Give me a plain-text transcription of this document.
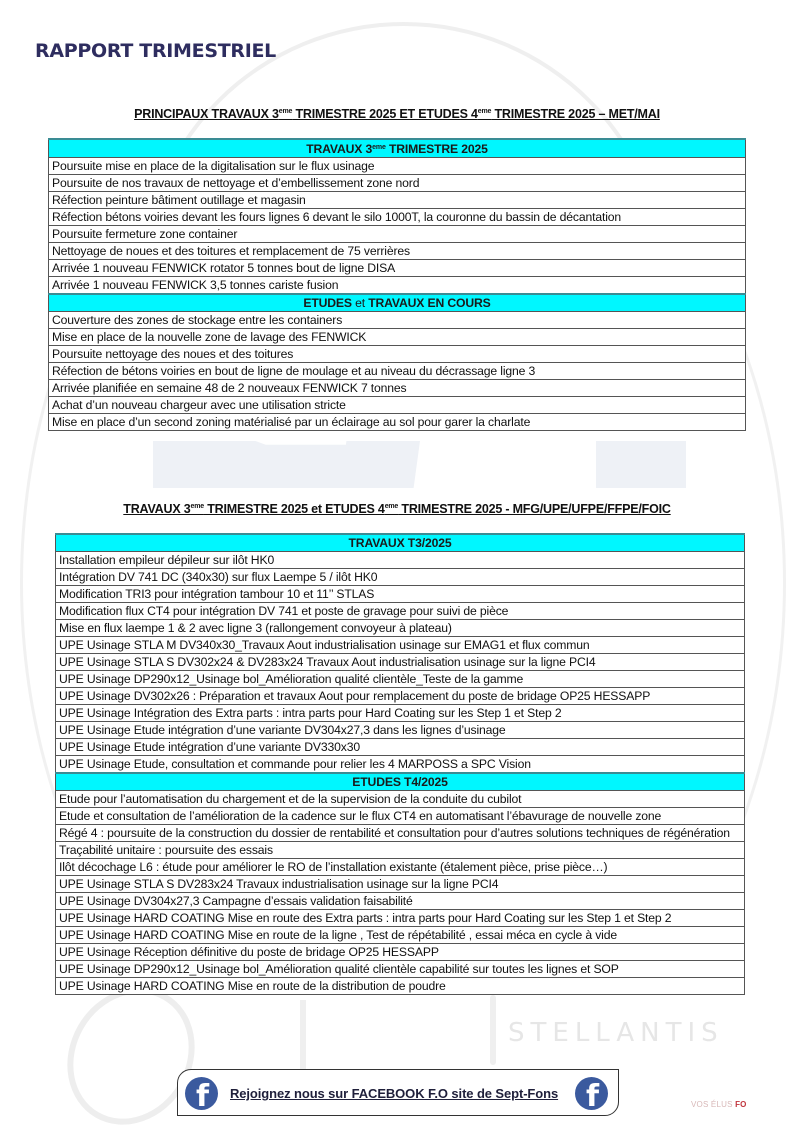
STELLANTIS
RAPPORT TRIMESTRIEL
PRINCIPAUX TRAVAUX 3eme TRIMESTRE 2025 ET ETUDES 4eme TRIMESTRE 2025 – MET/MAI
TRAVAUX 3eme TRIMESTRE 2025
Poursuite mise en place de la digitalisation sur le flux usinage
Poursuite de nos travaux de nettoyage et d’embellissement zone nord
Réfection peinture bâtiment outillage et magasin
Réfection bétons voiries devant les fours lignes 6 devant le silo 1000T, la couronne du bassin de décantation
Poursuite fermeture zone container
Nettoyage de noues et des toitures et remplacement de 75 verrières
Arrivée 1 nouveau FENWICK rotator 5 tonnes bout de ligne DISA
Arrivée 1 nouveau FENWICK 3,5 tonnes cariste fusion
ETUDES et TRAVAUX EN COURS
Couverture des zones de stockage entre les containers
Mise en place de la nouvelle zone de lavage des FENWICK
Poursuite nettoyage des noues et des toitures
Réfection de bétons voiries en bout de ligne de moulage et au niveau du décrassage ligne 3
Arrivée planifiée en semaine 48 de 2 nouveaux FENWICK 7 tonnes
Achat d’un nouveau chargeur avec une utilisation stricte
Mise en place d’un second zoning matérialisé par un éclairage au sol pour garer la charlate
TRAVAUX 3eme TRIMESTRE 2025 et ETUDES 4eme TRIMESTRE 2025 - MFG/UPE/UFPE/FFPE/FOIC
TRAVAUX T3/2025
Installation empileur dépileur sur ilôt HK0
Intégration DV 741 DC (340x30) sur flux Laempe 5 / ilôt HK0
Modification TRI3 pour intégration tambour 10 et 11’’ STLAS
Modification flux CT4 pour intégration DV 741 et poste de gravage pour suivi de pièce
Mise en flux laempe 1 & 2 avec ligne 3 (rallongement convoyeur à plateau)
UPE Usinage STLA M DV340x30_Travaux Aout industrialisation usinage sur EMAG1 et flux commun
UPE Usinage STLA S DV302x24 & DV283x24 Travaux Aout industrialisation usinage sur la ligne PCI4
UPE Usinage DP290x12_Usinage bol_Amélioration qualité clientèle_Teste de la gamme
UPE Usinage DV302x26 : Préparation et travaux Aout pour remplacement du poste de bridage OP25 HESSAPP
UPE Usinage Intégration des Extra parts : intra parts pour Hard Coating sur les Step 1 et Step 2
UPE Usinage Etude intégration d’une variante DV304x27,3 dans les lignes d’usinage
UPE Usinage Etude intégration d’une variante DV330x30
UPE Usinage Etude, consultation et commande pour relier les 4 MARPOSS a SPC Vision
ETUDES T4/2025
Etude pour l’automatisation du chargement et de la supervision de la conduite du cubilot
Etude et consultation de l’amélioration de la cadence sur le flux CT4 en automatisant l’ébavurage de nouvelle zone
Régé 4 : poursuite de la construction du dossier de rentabilité et consultation pour d’autres solutions techniques de régénération
Traçabilité unitaire : poursuite des essais
Ilôt décochage L6 : étude pour améliorer le RO de l’installation existante (étalement pièce, prise pièce…)
UPE Usinage STLA S DV283x24 Travaux industrialisation usinage sur la ligne PCI4
UPE Usinage DV304x27,3 Campagne d’essais validation faisabilité
UPE Usinage HARD COATING Mise en route des Extra parts : intra parts pour Hard Coating sur les Step 1 et Step 2
UPE Usinage HARD COATING Mise en route de la ligne , Test de répétabilité , essai méca en cycle à vide
UPE Usinage Réception définitive du poste de bridage OP25 HESSAPP
UPE Usinage DP290x12_Usinage bol_Amélioration qualité clientèle capabilité sur toutes les lignes et SOP
UPE Usinage HARD COATING Mise en route de la distribution de poudre
f Rejoignez nous sur FACEBOOK F.O site de Sept-Fons f	VOS ÉLUS FO
